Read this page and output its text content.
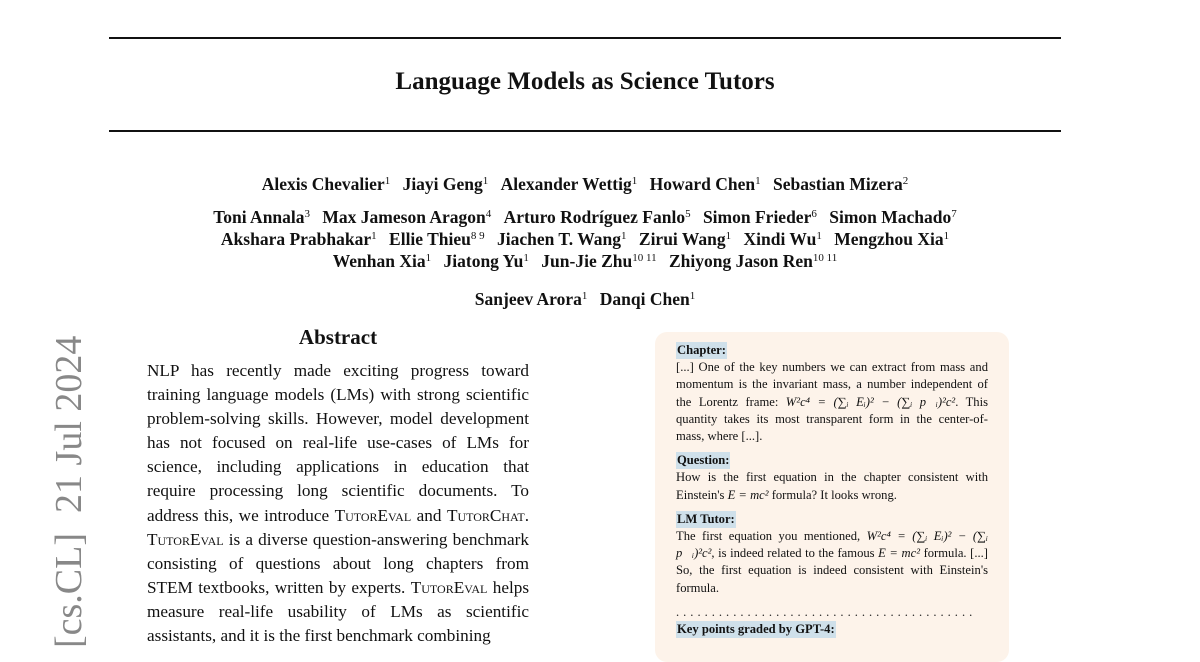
Language Models as Science Tutors
Alexis Chevalier$^1$ Jiayi Geng$^1$ Alexander Wettig$^1$ Howard Chen$^1$ Sebastian Mizera$^2$
Toni Annala$^3$ Max Jameson Aragon$^4$ Arturo Rodríguez Fanlo$^5$ Simon Frieder$^6$ Simon Machado$^7$
Akshara Prabhakar$^1$ Ellie Thieu$^{8 9}$ Jiachen T. Wang$^1$ Zirui Wang$^1$ Xindi Wu$^1$ Mengzhou Xia$^1$
Wenhan Xia$^1$ Jiatong Yu$^1$ Jun-Jie Zhu$^{10 11}$ Zhiyong Jason Ren$^{10 11}$
Sanjeev Arora$^1$ Danqi Chen$^1$
[cs.CL]21 Jul 2024	Abstract
NLP has recently made exciting progress toward training language models (LMs) with strong scientific problem-solving skills. However, model development has not focused on real-life use-cases of LMs for science, including applications in education that require processing long scientific documents. To address this, we introduce TutorEval and TutorChat. TutorEval is a diverse question-answering benchmark consisting of questions about long chapters from STEM textbooks, written by experts. TutorEval helps measure real-life usability of LMs as scientific assistants, and it is the first benchmark combining
Chapter:
[...] One of the key numbers we can extract from mass and momentum is the invariant mass, a number independent of the Lorentz frame: W²c⁴ = (∑ᵢ Eᵢ)² − (∑ᵢ p⃗ᵢ)²c². This quantity takes its most transparent form in the center-of-mass, where [...].
Question:
How is the first equation in the chapter consistent with Einstein's E = mc² formula? It looks wrong.
LM Tutor:
The first equation you mentioned, W²c⁴ = (∑ᵢ Eᵢ)² − (∑ᵢ p⃗ᵢ)²c², is indeed related to the famous E = mc² formula. [...] So, the first equation is indeed consistent with Einstein's formula.
..........................................
Key points graded by GPT-4:
